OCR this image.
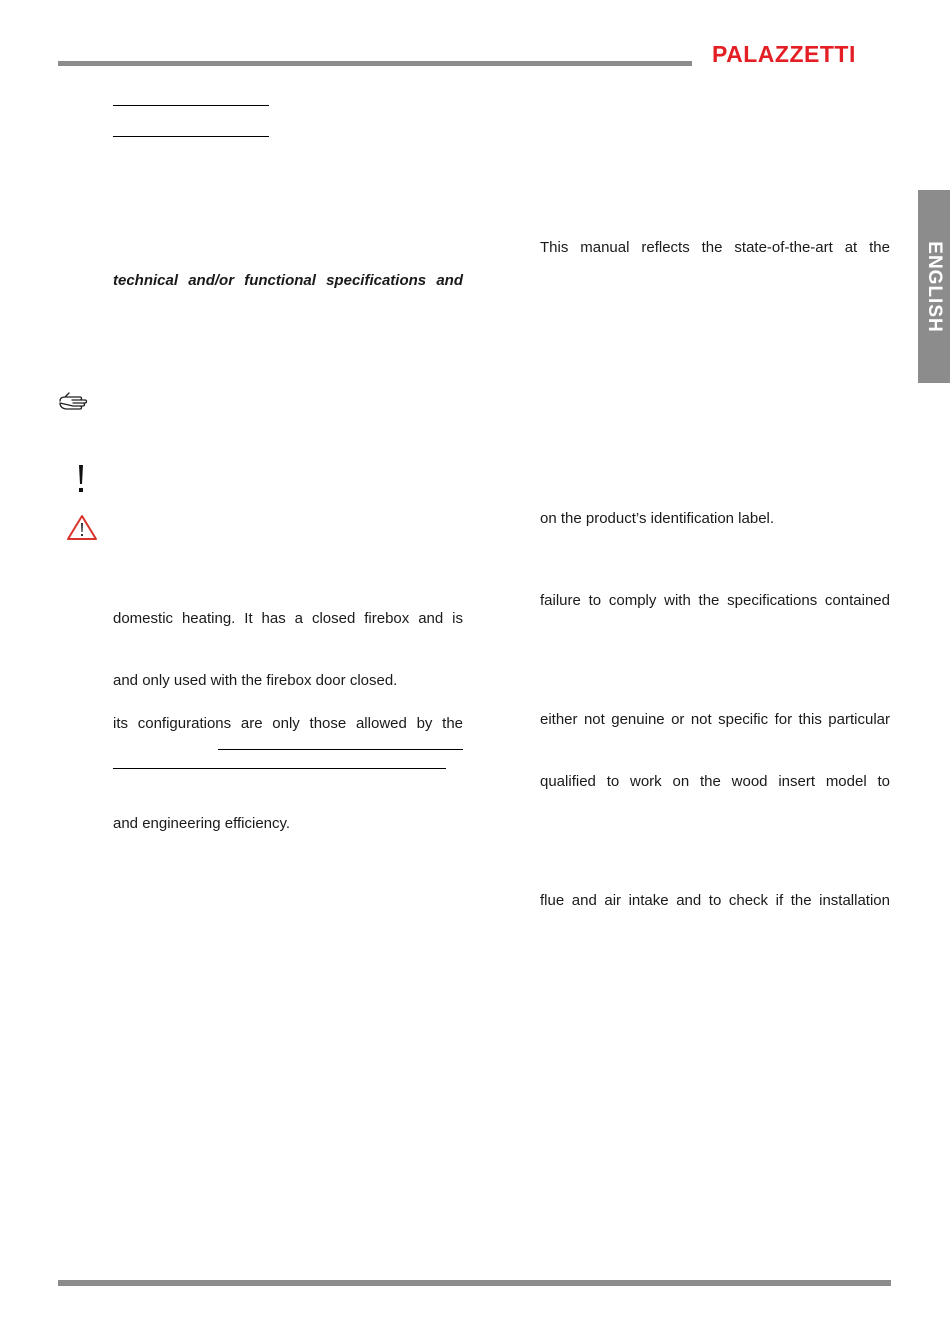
PALAZZETTI
ENGLISH
technical and/or functional specifications and
domestic heating. It has a closed firebox and is
and only used with the firebox door closed.
its configurations are only those allowed by the
and engineering efficiency.
This manual reflects the state-of-the-art at the
on the product’s identification label.
failure to comply with the specifications contained
either not genuine or not specific for this particular
qualified to work on the wood insert model to
flue and air intake and to check if the installation
